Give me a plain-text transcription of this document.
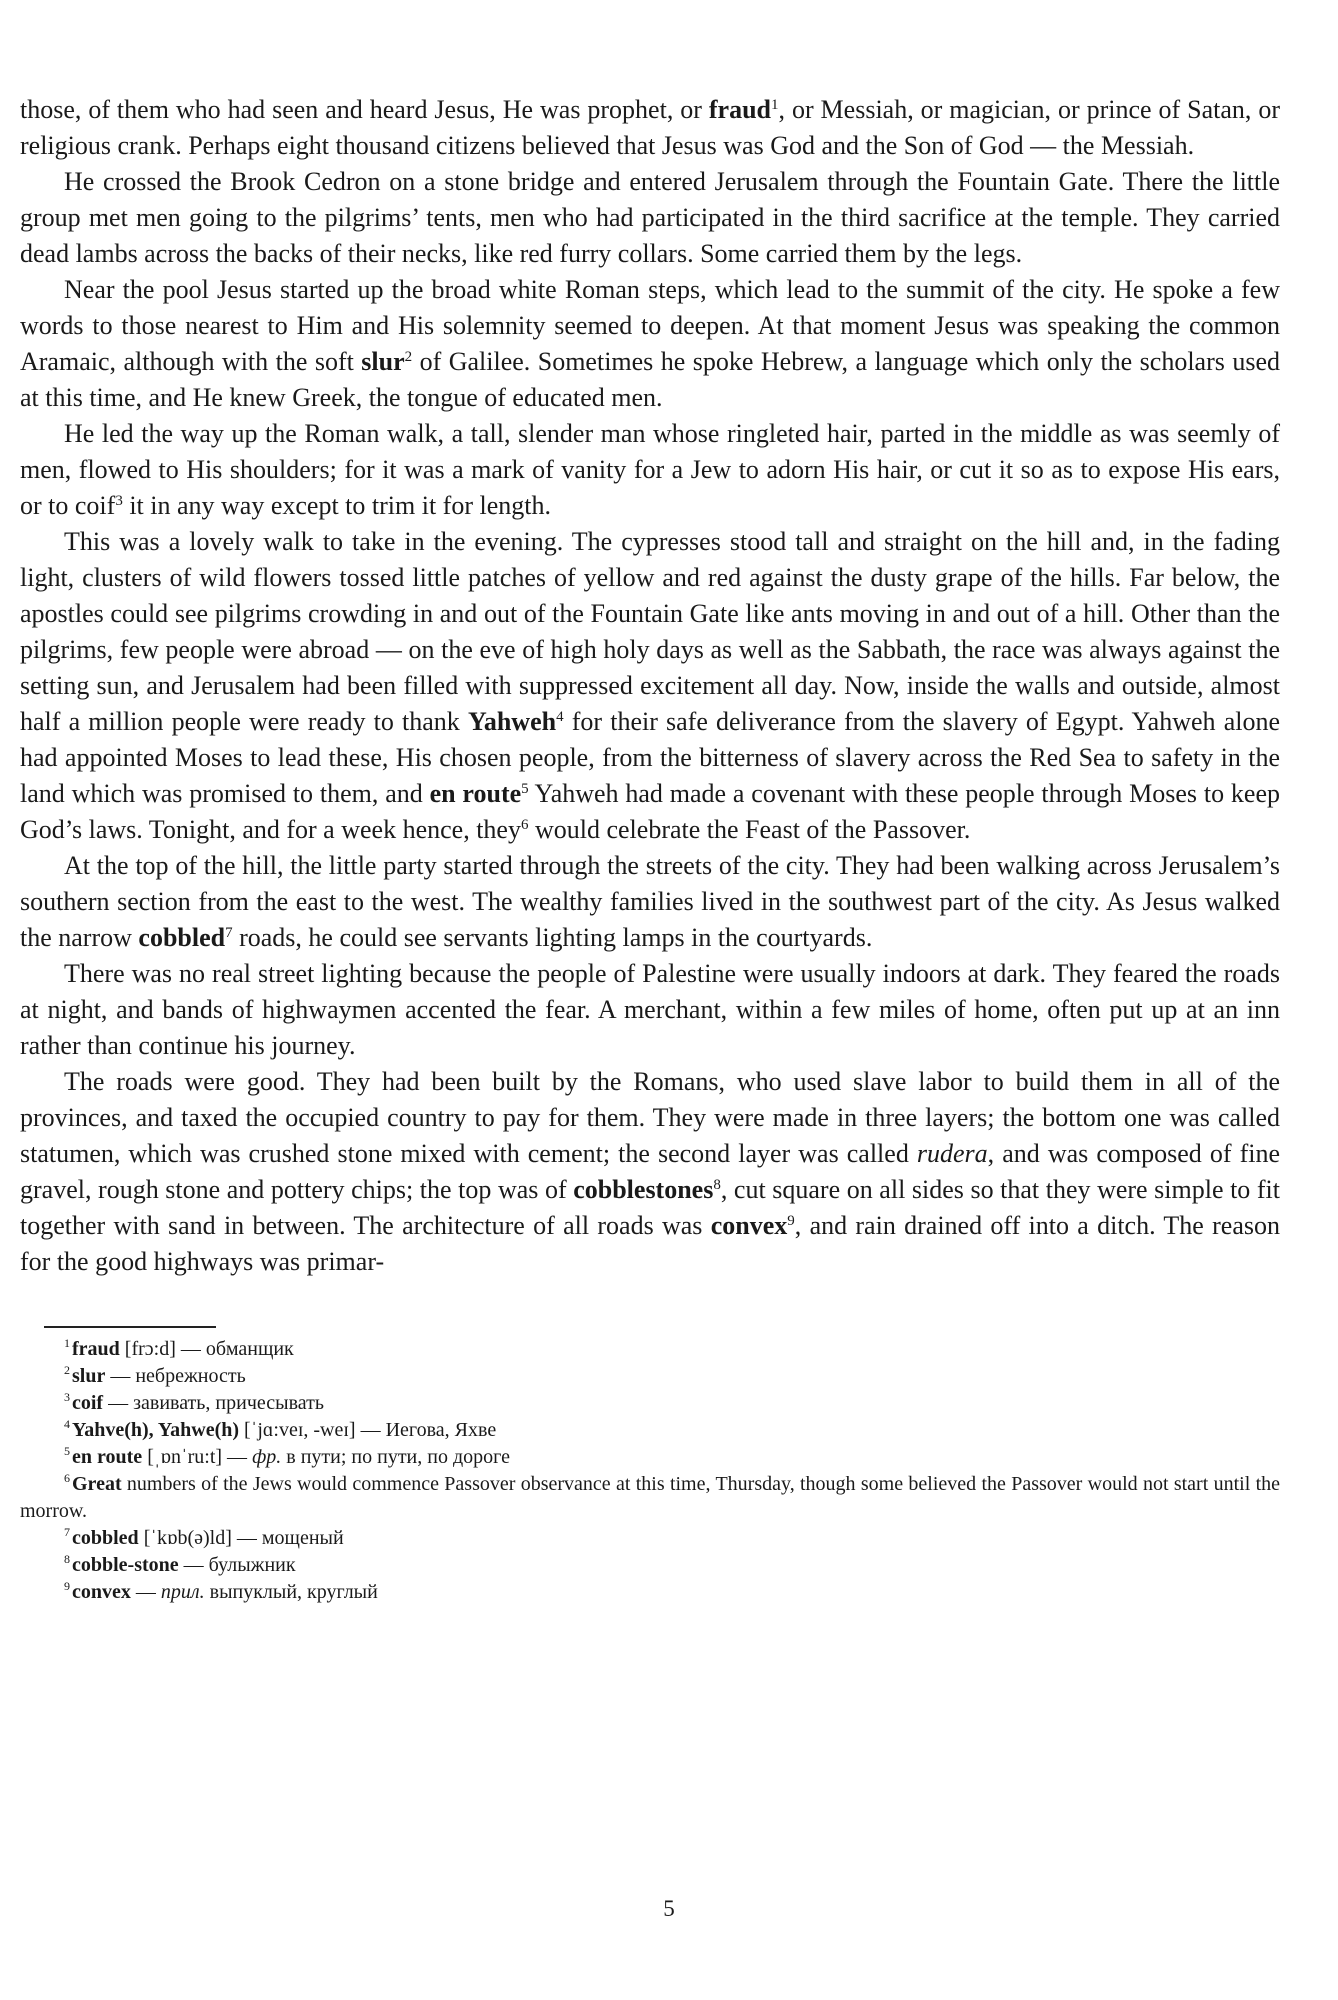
those, of them who had seen and heard Jesus, He was prophet, or fraud$^1$, or Messiah, or magician, or prince of Satan, or religious crank. Perhaps eight thousand citizens believed that Jesus was God and the Son of God — the Messiah.

He crossed the Brook Cedron on a stone bridge and entered Jerusalem through the Fountain Gate. There the little group met men going to the pilgrims’ tents, men who had participated in the third sacrifice at the temple. They carried dead lambs across the backs of their necks, like red furry collars. Some carried them by the legs.

Near the pool Jesus started up the broad white Roman steps, which lead to the summit of the city. He spoke a few words to those nearest to Him and His solemnity seemed to deepen. At that moment Jesus was speaking the common Aramaic, although with the soft slur$^2$ of Galilee. Sometimes he spoke Hebrew, a language which only the scholars used at this time, and He knew Greek, the tongue of educated men.

He led the way up the Roman walk, a tall, slender man whose ringleted hair, parted in the middle as was seemly of men, flowed to His shoulders; for it was a mark of vanity for a Jew to adorn His hair, or cut it so as to expose His ears, or to coif$^3$ it in any way except to trim it for length.

This was a lovely walk to take in the evening. The cypresses stood tall and straight on the hill and, in the fading light, clusters of wild flowers tossed little patches of yellow and red against the dusty grape of the hills. Far below, the apostles could see pilgrims crowding in and out of the Fountain Gate like ants moving in and out of a hill. Other than the pilgrims, few people were abroad — on the eve of high holy days as well as the Sabbath, the race was always against the setting sun, and Jerusalem had been filled with suppressed excitement all day. Now, inside the walls and outside, almost half a million people were ready to thank Yahweh$^4$ for their safe deliverance from the slavery of Egypt. Yahweh alone had appointed Moses to lead these, His chosen people, from the bitterness of slavery across the Red Sea to safety in the land which was promised to them, and en route$^5$ Yahweh had made a covenant with these people through Moses to keep God’s laws. Tonight, and for a week hence, they$^6$ would celebrate the Feast of the Passover.

At the top of the hill, the little party started through the streets of the city. They had been walking across Jerusalem’s southern section from the east to the west. The wealthy families lived in the southwest part of the city. As Jesus walked the narrow cobbled$^7$ roads, he could see servants lighting lamps in the courtyards.

There was no real street lighting because the people of Palestine were usually indoors at dark. They feared the roads at night, and bands of highwaymen accented the fear. A merchant, within a few miles of home, often put up at an inn rather than continue his journey.

The roads were good. They had been built by the Romans, who used slave labor to build them in all of the provinces, and taxed the occupied country to pay for them. They were made in three layers; the bottom one was called statumen, which was crushed stone mixed with cement; the second layer was called rudera, and was composed of fine gravel, rough stone and pottery chips; the top was of cobblestones$^8$, cut square on all sides so that they were simple to fit together with sand in between. The architecture of all roads was convex$^9$, and rain drained off into a ditch. The reason for the good highways was primar-

$^1$ fraud [frɔ:d] — обманщик
$^2$ slur — небрежность
$^3$ coif — завивать, причесывать
$^4$ Yahve(h), Yahwe(h) [ˈjɑ:veɪ, -weɪ] — Иегова, Яхве
$^5$ en route [ˌɒnˈru:t] — фр. в пути; по пути, по дороге
$^6$ Great numbers of the Jews would commence Passover observance at this time, Thursday, though some believed the Passover would not start until the morrow.
$^7$ cobbled [ˈkɒb(ə)ld] — мощеный
$^8$ cobble-stone — булыжник
$^9$ convex — прил. выпуклый, круглый
5
